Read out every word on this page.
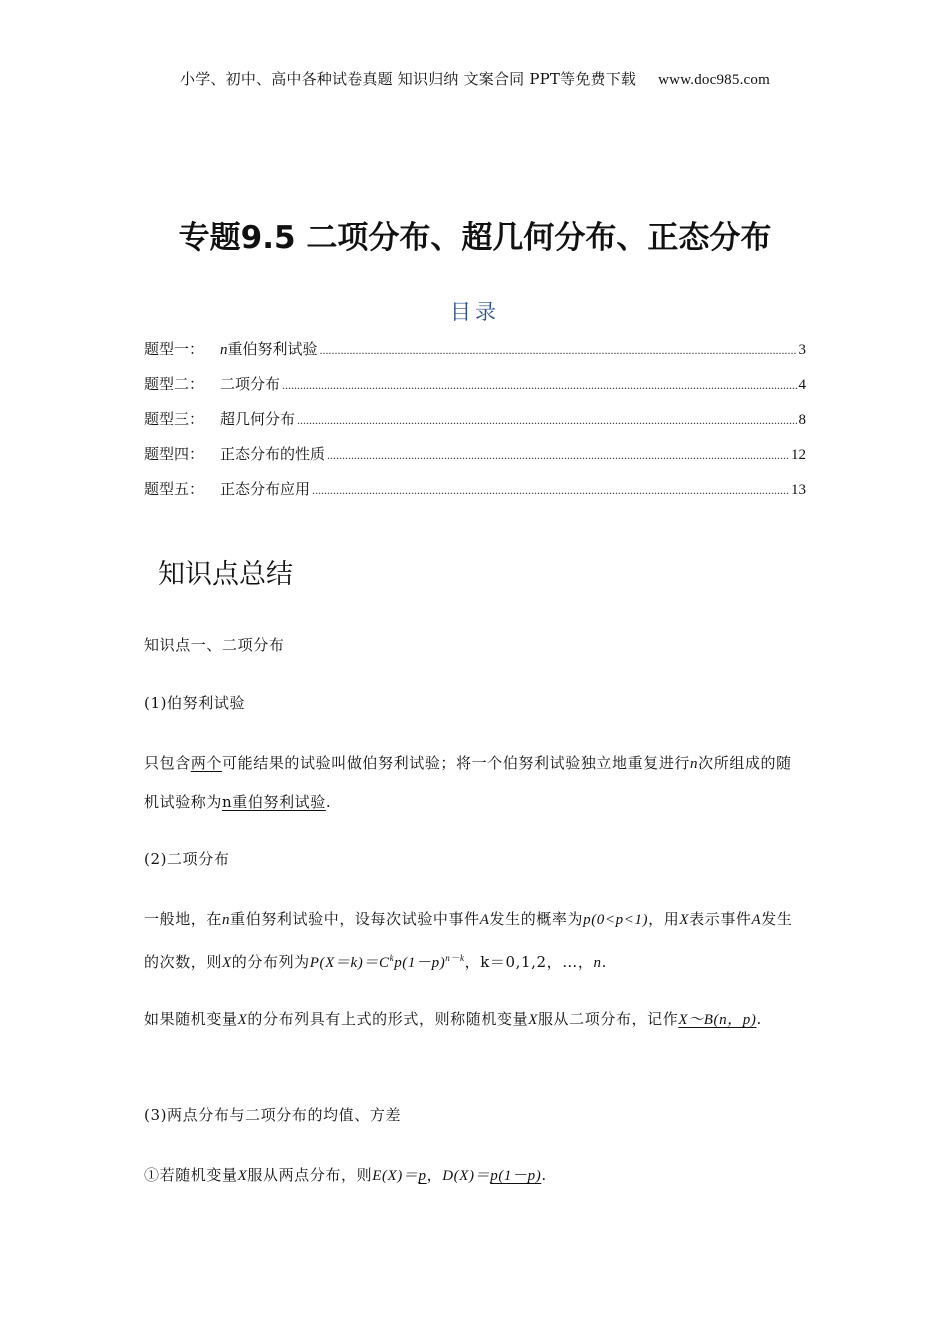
小学、初中、高中各种试卷真题 知识归纳 文案合同 PPT等免费下载 www.doc985.com
专题9.5 二项分布、超几何分布、正态分布
目录
题型一：	n重伯努利试验 .....	3
题型二：	二项分布 .....	4
题型三：	超几何分布 .....	8
题型四：	正态分布的性质 .....	12
题型五：	正态分布应用 .....	13
知识点总结

知识点一、二项分布

(1)伯努利试验

只包含两个可能结果的试验叫做伯努利试验；将一个伯努利试验独立地重复进行n次所组成的随机试验称为n重伯努利试验.

(2)二项分布

一般地，在n重伯努利试验中，设每次试验中事件A发生的概率为p(0<p<1)，用X表示事件A发生的次数，则X的分布列为$P(X=k)=C^kp(1-p)^{n-k}$，k＝0,1,2，…，n.

如果随机变量X的分布列具有上式的形式，则称随机变量X服从二项分布，记作X～B(n，p).

(3)两点分布与二项分布的均值、方差

①若随机变量X服从两点分布，则E(X)＝p，D(X)＝p(1－p).
